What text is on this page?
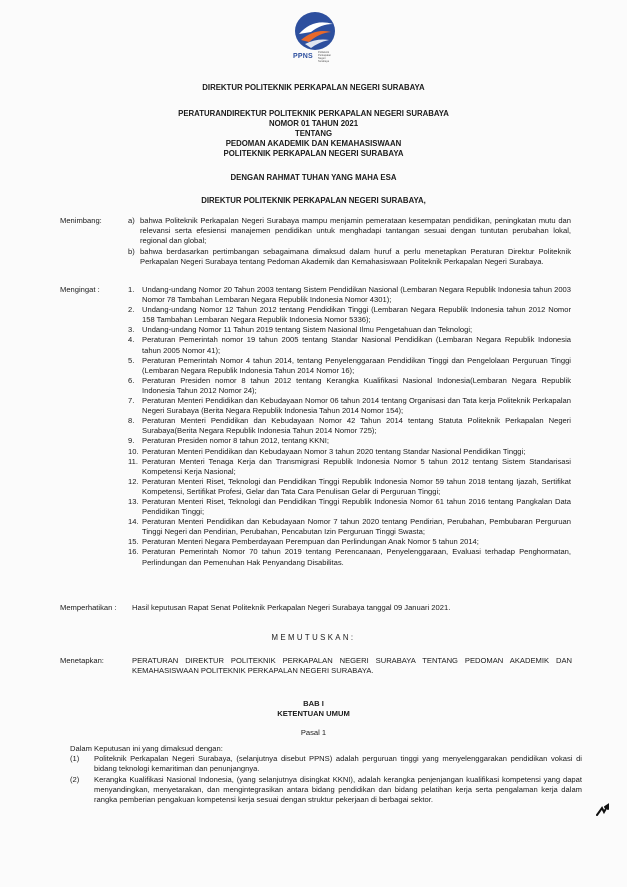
PPNS
Politeknik Perkapalan Negeri Surabaya
DIREKTUR POLITEKNIK PERKAPALAN NEGERI SURABAYA
PERATURANDIREKTUR POLITEKNIK PERKAPALAN NEGERI SURABAYA
NOMOR 01 TAHUN 2021
TENTANG
PEDOMAN AKADEMIK DAN KEMAHASISWAAN
POLITEKNIK PERKAPALAN NEGERI SURABAYA
DENGAN RAHMAT TUHAN YANG MAHA ESA
DIREKTUR POLITEKNIK PERKAPALAN NEGERI SURABAYA,
Menimbang:	a) bahwa Politeknik Perkapalan Negeri Surabaya mampu menjamin pemerataan kesempatan pendidikan, peningkatan mutu dan relevansi serta efesiensi manajemen pendidikan untuk menghadapi tantangan sesuai dengan tuntutan perubahan lokal, regional dan global;
b) bahwa berdasarkan pertimbangan sebagaimana dimaksud dalam huruf a perlu menetapkan Peraturan Direktur Politeknik Perkapalan Negeri Surabaya tentang Pedoman Akademik dan Kemahasiswaan Politeknik Perkapalan Negeri Surabaya.
Mengingat :	1. Undang-undang Nomor 20 Tahun 2003 tentang Sistem Pendidikan Nasional (Lembaran Negara Republik Indonesia tahun 2003 Nomor 78 Tambahan Lembaran Negara Republik Indonesia Nomor 4301);
2. Undang-undang Nomor 12 Tahun 2012 tentang Pendidikan Tinggi (Lembaran Negara Republik Indonesia tahun 2012 Nomor 158 Tambahan Lembaran Negara Republik Indonesia Nomor 5336);
3. Undang-undang Nomor 11 Tahun 2019 tentang Sistem Nasional Ilmu Pengetahuan dan Teknologi;
4. Peraturan Pemerintah nomor 19 tahun 2005 tentang Standar Nasional Pendidikan (Lembaran Negara Republik Indonesia tahun 2005 Nomor 41);
5. Peraturan Pemerintah Nomor 4 tahun 2014, tentang Penyelenggaraan Pendidikan Tinggi dan Pengelolaan Perguruan Tinggi (Lembaran Negara Republik Indonesia Tahun 2014 Nomor 16);
6. Peraturan Presiden nomor 8 tahun 2012 tentang Kerangka Kualifikasi Nasional Indonesia(Lembaran Negara Republik Indonesia Tahun 2012 Nomor 24);
7. Peraturan Menteri Pendidikan dan Kebudayaan Nomor 06 tahun 2014 tentang Organisasi dan Tata kerja Politeknik Perkapalan Negeri Surabaya (Berita Negara Republik Indonesia Tahun 2014 Nomor 154);
8. Peraturan Menteri Pendidikan dan Kebudayaan Nomor 42 Tahun 2014 tentang Statuta Politeknik Perkapalan Negeri Surabaya(Berita Negara Republik Indonesia Tahun 2014 Nomor 725);
9. Peraturan Presiden nomor 8 tahun 2012, tentang KKNI;
10. Peraturan Menteri Pendidikan dan Kebudayaan Nomor 3 tahun 2020 tentang Standar Nasional Pendidikan Tinggi;
11. Peraturan Menteri Tenaga Kerja dan Transmigrasi Republik Indonesia Nomor 5 tahun 2012 tentang Sistem Standarisasi Kompetensi Kerja Nasional;
12. Peraturan Menteri Riset, Teknologi dan Pendidikan Tinggi Republik Indonesia Nomor 59 tahun 2018 tentang Ijazah, Sertifikat Kompetensi, Sertifikat Profesi, Gelar dan Tata Cara Penulisan Gelar di Perguruan Tinggi;
13. Peraturan Menteri Riset, Teknologi dan Pendidikan Tinggi Republik Indonesia Nomor 61 tahun 2016 tentang Pangkalan Data Pendidikan Tinggi;
14. Peraturan Menteri Pendidikan dan Kebudayaan Nomor 7 tahun 2020 tentang Pendirian, Perubahan, Pembubaran Perguruan Tinggi Negeri dan Pendirian, Perubahan, Pencabutan Izin Perguruan Tinggi Swasta;
15. Peraturan Menteri Negara Pemberdayaan Perempuan dan Perlindungan Anak Nomor 5 tahun 2014;
16. Peraturan Pemerintah Nomor 70 tahun 2019 tentang Perencanaan, Penyelenggaraan, Evaluasi terhadap Penghormatan, Perlindungan dan Pemenuhan Hak Penyandang Disabilitas.
Memperhatikan : Hasil keputusan Rapat Senat Politeknik Perkapalan Negeri Surabaya tanggal 09 Januari 2021.
MEMUTUSKAN:
Menetapkan:	PERATURAN DIREKTUR POLITEKNIK PERKAPALAN NEGERI SURABAYA TENTANG PEDOMAN AKADEMIK DAN KEMAHASISWAAN POLITEKNIK PERKAPALAN NEGERI SURABAYA.
BAB I
KETENTUAN UMUM
Pasal 1
Dalam Keputusan ini yang dimaksud dengan:
(1) Politeknik Perkapalan Negeri Surabaya, (selanjutnya disebut PPNS) adalah perguruan tinggi yang menyelenggarakan pendidikan vokasi di bidang teknologi kemaritiman dan penunjangnya.
(2) Kerangka Kualifikasi Nasional Indonesia, (yang selanjutnya disingkat KKNI), adalah kerangka penjenjangan kualifikasi kompetensi yang dapat menyandingkan, menyetarakan, dan mengintegrasikan antara bidang pendidikan dan bidang pelatihan kerja serta pengalaman kerja dalam rangka pemberian pengakuan kompetensi kerja sesuai dengan struktur pekerjaan di berbagai sektor.
